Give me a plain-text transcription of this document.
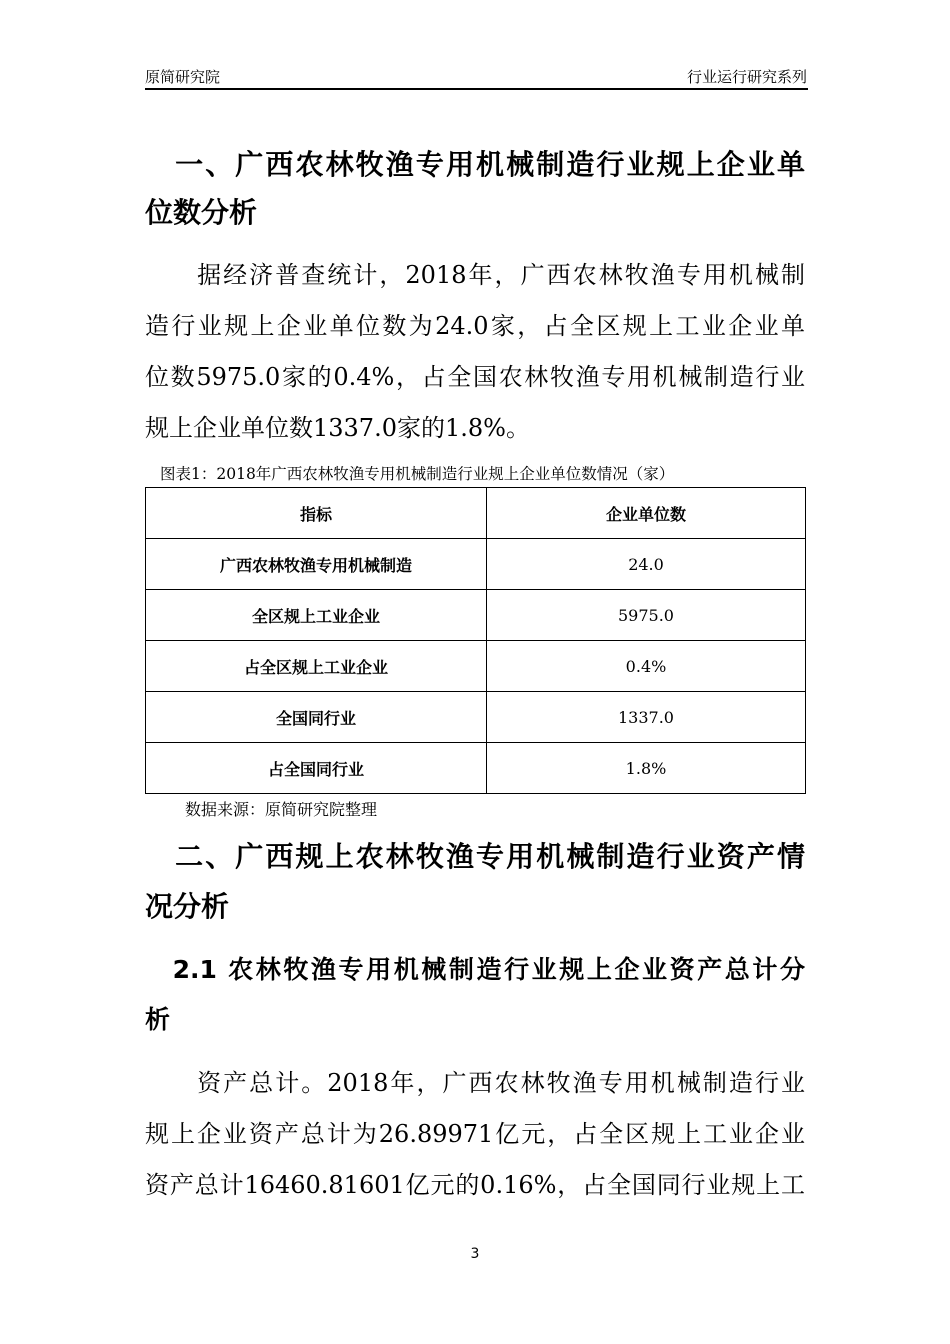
原简研究院	行业运行研究系列
　一、广西农林牧渔专用机械制造行业规上企业单
位数分析
　　据经济普查统计，2018年，广西农林牧渔专用机械制
造行业规上企业单位数为24.0家，占全区规上工业企业单
位数5975.0家的0.4%，占全国农林牧渔专用机械制造行业
规上企业单位数1337.0家的1.8%。
图表1：2018年广西农林牧渔专用机械制造行业规上企业单位数情况（家）
指标	企业单位数
广西农林牧渔专用机械制造	24.0
全区规上工业企业	5975.0
占全区规上工业企业	0.4%
全国同行业	1337.0
占全国同行业	1.8%
数据来源：原简研究院整理
　二、广西规上农林牧渔专用机械制造行业资产情
况分析
　2.1 农林牧渔专用机械制造行业规上企业资产总计分
析
　　资产总计。2018年，广西农林牧渔专用机械制造行业
规上企业资产总计为26.89971亿元，占全区规上工业企业
资产总计16460.81601亿元的0.16%，占全国同行业规上工
3
